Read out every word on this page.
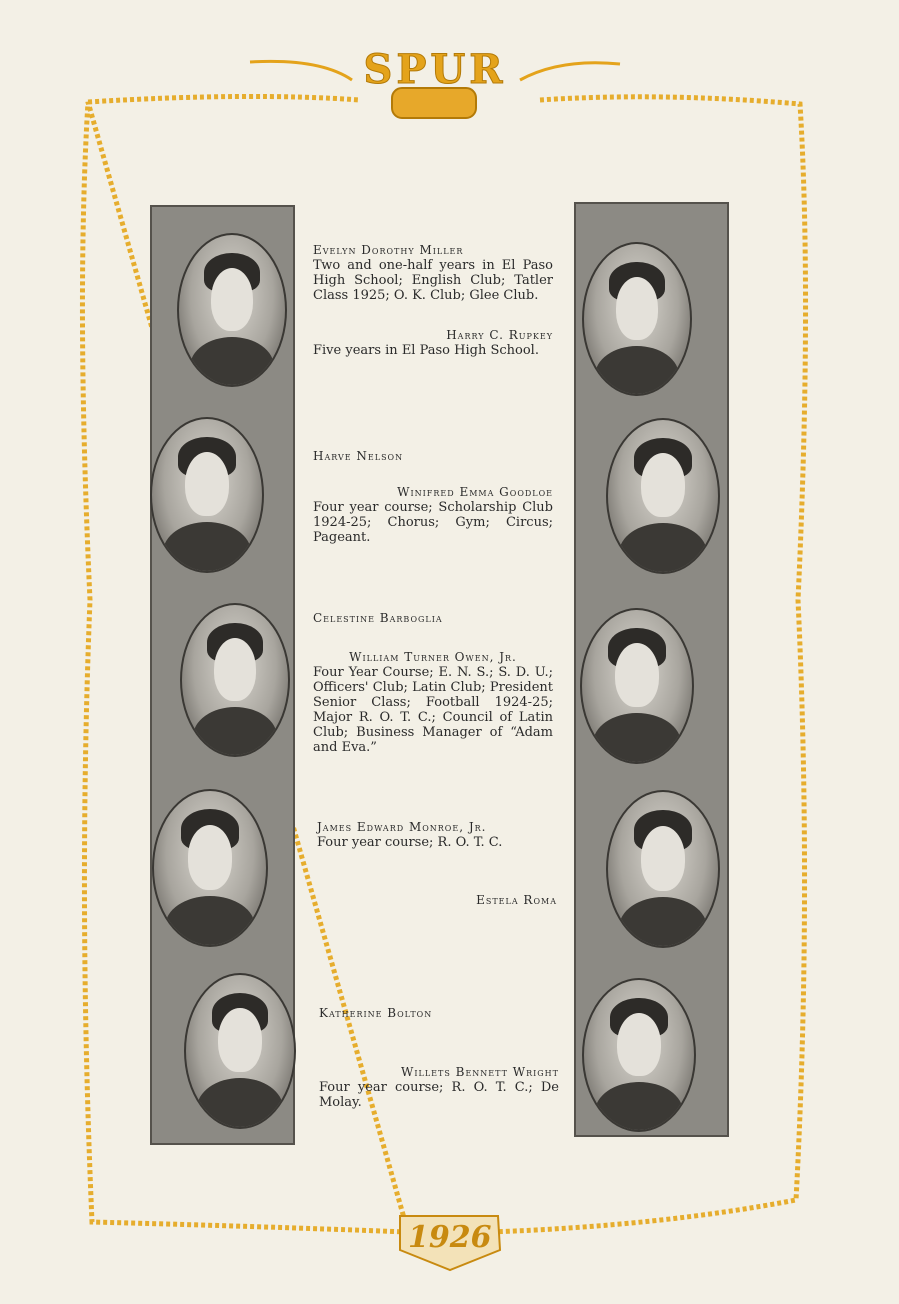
SPUR
1926
Evelyn Dorothy Miller
Two and one-half years in El Paso High School; English Club; Tatler Class 1925; O. K. Club; Glee Club.
Harry C. Rupkey
Five years in El Paso High School.
Harve Nelson
Winifred Emma Goodloe
Four year course; Scholarship Club 1924-25; Chorus; Gym; Circus; Pageant.
Celestine Barboglia
William Turner Owen, Jr.
Four Year Course; E. N. S.; S. D. U.; Officers' Club; Latin Club; President Senior Class; Football 1924-25; Major R. O. T. C.; Council of Latin Club; Business Manager of “Adam and Eva.”
James Edward Monroe, Jr.
Four year course; R. O. T. C.
Estela Roma
Katherine Bolton
Willets Bennett Wright
Four year course; R. O. T. C.; De Molay.
